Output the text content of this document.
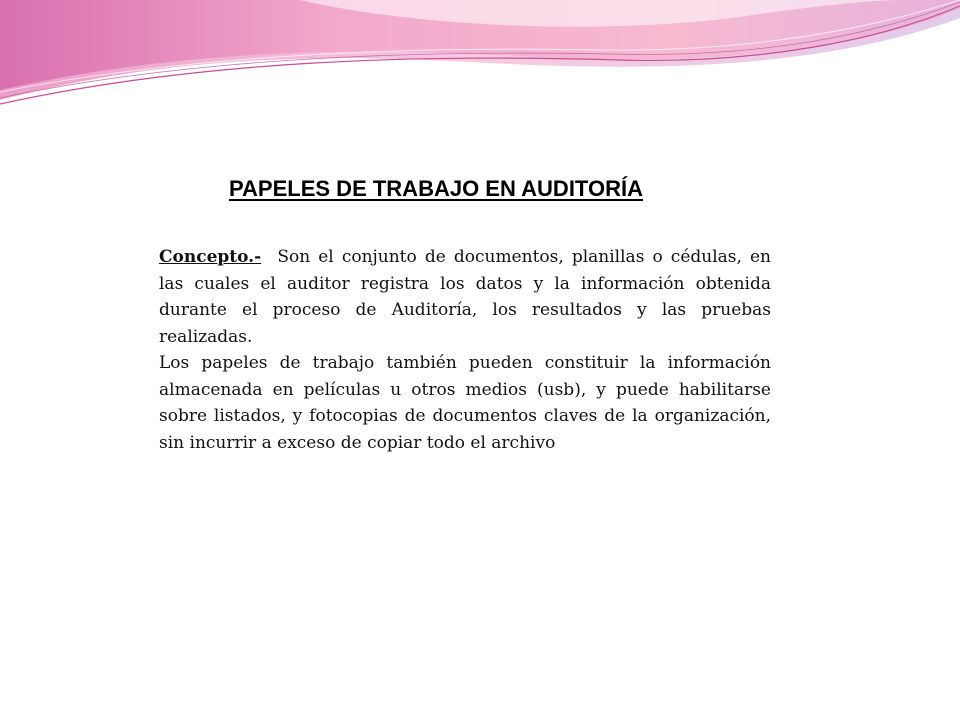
PAPELES DE TRABAJO EN AUDITORÍA

Concepto.- Son el conjunto de documentos, planillas o cédulas, en las cuales el auditor registra los datos y la información obtenida durante el proceso de Auditoría, los resultados y las pruebas realizadas.

Los papeles de trabajo también pueden constituir la información almacenada en películas u otros medios (usb), y puede habilitarse sobre listados, y fotocopias de documentos claves de la organización, sin incurrir a exceso de copiar todo el archivo
